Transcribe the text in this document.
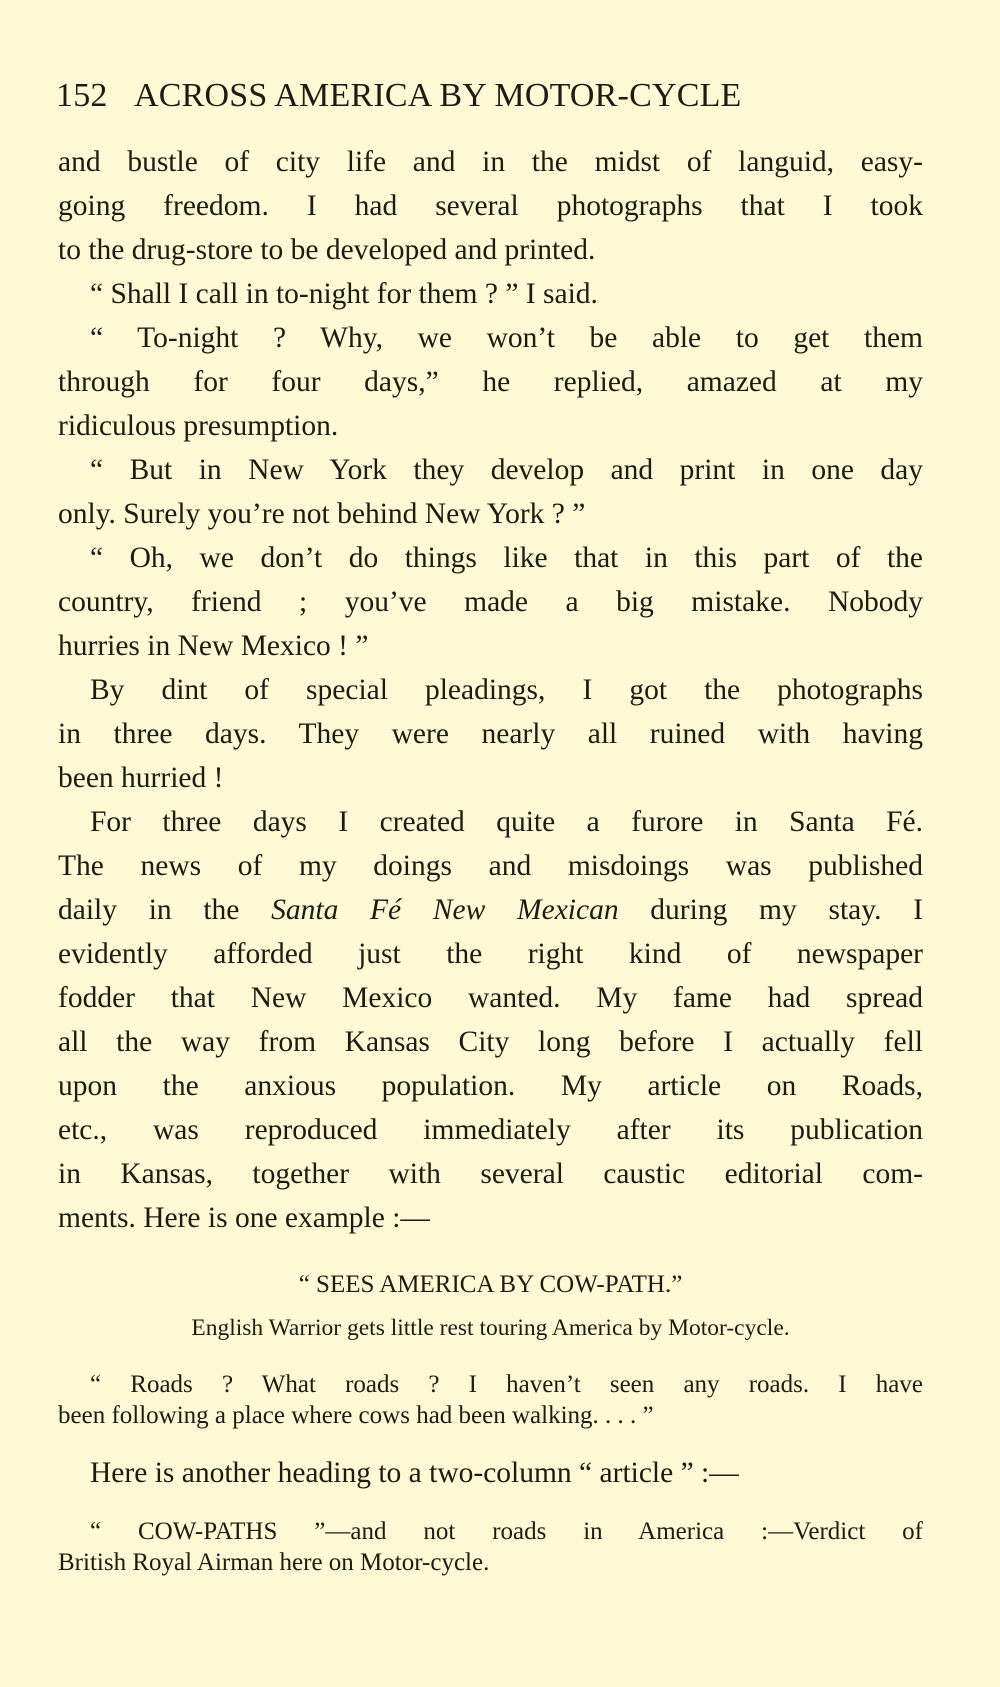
152 ACROSS AMERICA BY MOTOR-CYCLE
and bustle of city life and in the midst of languid, easy-
going freedom. I had several photographs that I took
to the drug-store to be developed and printed.
“ Shall I call in to-night for them ? ” I said.
“ To-night ? Why, we won’t be able to get them
through for four days,” he replied, amazed at my
ridiculous presumption.
“ But in New York they develop and print in one day
only. Surely you’re not behind New York ? ”
“ Oh, we don’t do things like that in this part of the
country, friend ; you’ve made a big mistake. Nobody
hurries in New Mexico ! ”
By dint of special pleadings, I got the photographs
in three days. They were nearly all ruined with having
been hurried !
For three days I created quite a furore in Santa Fé.
The news of my doings and misdoings was published
daily in the Santa Fé New Mexican during my stay. I
evidently afforded just the right kind of newspaper
fodder that New Mexico wanted. My fame had spread
all the way from Kansas City long before I actually fell
upon the anxious population. My article on Roads,
etc., was reproduced immediately after its publication
in Kansas, together with several caustic editorial com-
ments. Here is one example :—
“ SEES AMERICA BY COW-PATH.”
English Warrior gets little rest touring America by Motor-cycle.
“ Roads ? What roads ? I haven’t seen any roads. I have
been following a place where cows had been walking. . . . ”
Here is another heading to a two-column “ article ” :—
“ COW-PATHS ”—and not roads in America :—Verdict of
British Royal Airman here on Motor-cycle.
